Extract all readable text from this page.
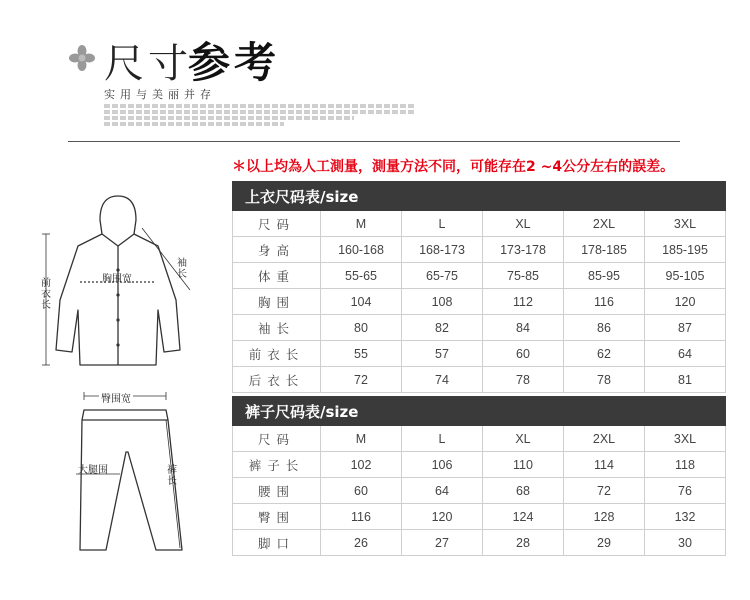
尺寸
参考
实用与美丽并存
＊以上均為人工測量，測量方法不同，可能存在2 ~4公分左右的誤差。
上衣尺码表/size					
尺码	M	L	XL	2XL	3XL
身高	160-168	168-173	173-178	178-185	185-195
体重	55-65	65-75	75-85	85-95	95-105
胸围	104	108	112	116	120
袖长	80	82	84	86	87
前衣长	55	57	60	62	64
后衣长	72	74	78	78	81
裤子尺码表/size					
尺码	M	L	XL	2XL	3XL
裤子长	102	106	110	114	118
腰围	60	64	68	72	76
臀围	116	120	124	128	132
脚口	26	27	28	29	30
前衣长
胸围宽
袖长
臀围宽
大腿围	裤长
